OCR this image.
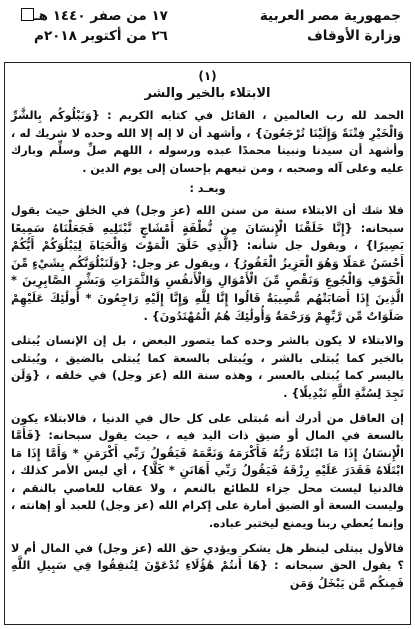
جمهورية مصر العربية
وزارة الأوقاف
١٧ من صفر ١٤٤٠ هـ
٢٦ من أكتوبر ٢٠١٨م
(١)
الابتلاء بالخير والشر

الحمد لله رب العالمين ، القائل في كتابه الكريم : {وَنَبْلُوكُم بِالشَّرِّ وَالْخَيْرِ فِتْنَةً وَإِلَيْنَا تُرْجَعُونَ} ، وأشهد أن لا إله إلا الله وحده لا شريك له ، وأشهد أن سيدنا ونبينا محمدًا عبده ورسوله ، اللهم صلِّ وسلِّم وبارك عليه وعلى آله وصحبه ، ومن تبعهم بإحسان إلى يوم الدين .

وبعـد :

فلا شك أن الابتلاء سنة من سنن الله (عز وجل) في الخلق حيث يقول سبحانه: {إِنَّا خَلَقْنَا الْإِنسَانَ مِن نُّطْفَةٍ أَمْشَاجٍ نَّبْتَلِيهِ فَجَعَلْنَاهُ سَمِيعًا بَصِيرًا} ، ويقول جل شأنه: {الَّذِي خَلَقَ الْمَوْتَ وَالْحَيَاةَ لِيَبْلُوَكُمْ أَيُّكُمْ أَحْسَنُ عَمَلًا وَهُوَ الْعَزِيزُ الْغَفُورُ} ، ويقول عز وجل: {وَلَنَبْلُوَنَّكُم بِشَيْءٍ مِّنَ الْخَوْفِ وَالْجُوعِ وَنَقْصٍ مِّنَ الْأَمْوَالِ وَالْأَنفُسِ وَالثَّمَرَاتِ وَبَشِّرِ الصَّابِرِينَ * الَّذِينَ إِذَا أَصَابَتْهُم مُّصِيبَةٌ قَالُوا إِنَّا لِلَّهِ وَإِنَّا إِلَيْهِ رَاجِعُونَ * أُولَٰئِكَ عَلَيْهِمْ صَلَوَاتٌ مِّن رَّبِّهِمْ وَرَحْمَةٌ وَأُولَٰئِكَ هُمُ الْمُهْتَدُونَ} .

والابتلاء لا يكون بالشر وحده كما يتصور البعض ، بل إن الإنسان يُبتلى بالخير كما يُبتلى بالشر ، ويُبتلى بالسعة كما يُبتلى بالضيق ، ويُبتلى باليسر كما يُبتلى بالعسر ، وهذه سنة الله (عز وجل) في خلقه ، {وَلَن تَجِدَ لِسُنَّةِ اللَّهِ تَبْدِيلًا} .

إن العاقل من أدرك أنه مُبتلى على كل حال في الدنيا ، فالابتلاء يكون بالسعة في المال أو ضيق ذات اليد فيه ، حيث يقول سبحانه: {فَأَمَّا الْإِنسَانُ إِذَا مَا ابْتَلَاهُ رَبُّهُ فَأَكْرَمَهُ وَنَعَّمَهُ فَيَقُولُ رَبِّي أَكْرَمَنِ * وَأَمَّا إِذَا مَا ابْتَلَاهُ فَقَدَرَ عَلَيْهِ رِزْقَهُ فَيَقُولُ رَبِّي أَهَانَنِ * كَلَّا} ، أي ليس الأمر كذلك ، فالدنيا ليست محل جزاء للطائع بالنعم ، ولا عقاب للعاصي بالنقم ، وليست السعة أو الضيق أمارة على إكرام الله (عز وجل) للعبد أو إهانته ، وإنما يُعطي ربنا ويمنع ليختبر عباده.

فالأول يبتلى لينظر هل يشكر ويؤدي حق الله (عز وجل) في المال أم لا ؟ يقول الحق سبحانه : {هَا أَنتُمْ هَٰؤُلَاءِ تُدْعَوْنَ لِتُنفِقُوا فِي سَبِيلِ اللَّهِ فَمِنكُم مَّن يَبْخَلُ وَمَن
